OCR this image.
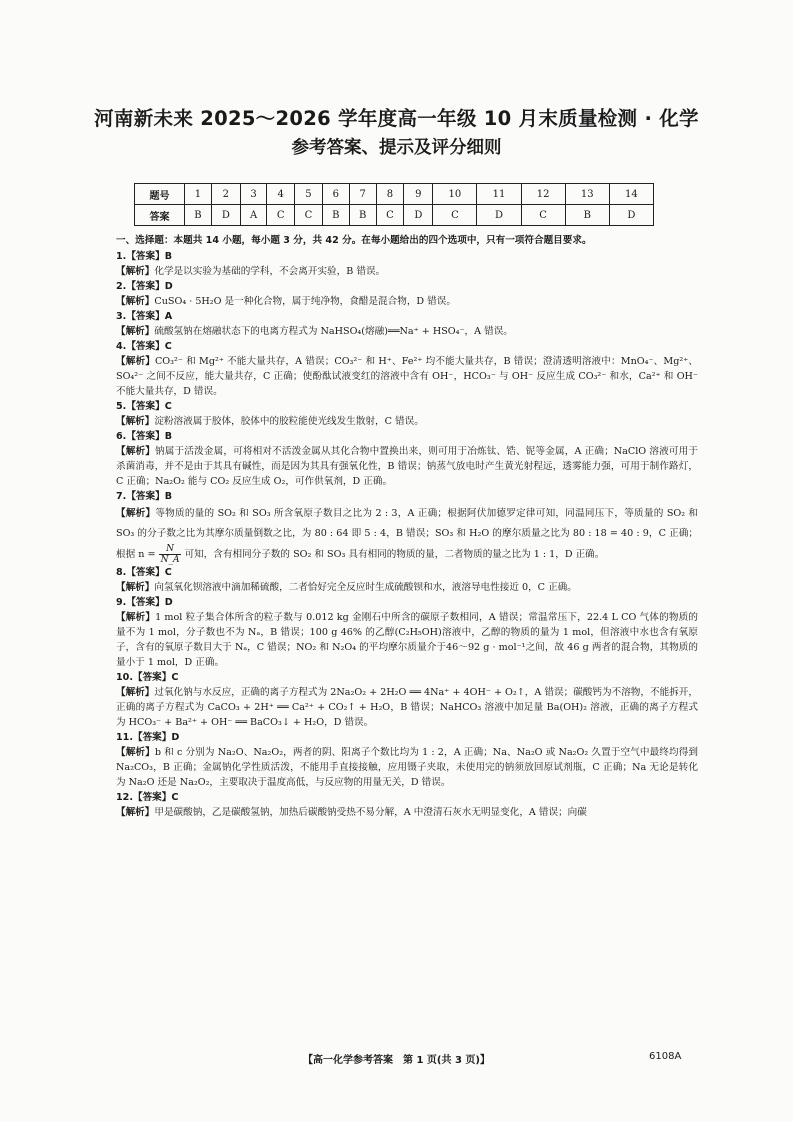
河南新未来 2025～2026 学年度高一年级 10 月末质量检测 · 化学
参考答案、提示及评分细则
题号	1	2	3	4	5	6	7	8	9	10	11	12	13	14
答案	B	D	A	C	C	B	B	C	D	C	D	C	B	D
一、选择题：本题共 14 小题，每小题 3 分，共 42 分。在每小题给出的四个选项中，只有一项符合题目要求。

1.【答案】B

【解析】化学是以实验为基础的学科，不会离开实验，B 错误。

2.【答案】D

【解析】CuSO₄ · 5H₂O 是一种化合物，属于纯净物，食醋是混合物，D 错误。

3.【答案】A

【解析】硫酸氢钠在熔融状态下的电离方程式为 NaHSO₄(熔融)══Na⁺ + HSO₄⁻，A 错误。

4.【答案】C

【解析】CO₃²⁻ 和 Mg²⁺ 不能大量共存，A 错误；CO₃²⁻ 和 H⁺、Fe²⁺ 均不能大量共存，B 错误；澄清透明溶液中：MnO₄⁻、Mg²⁺、SO₄²⁻ 之间不反应，能大量共存，C 正确；使酚酞试液变红的溶液中含有 OH⁻，HCO₃⁻ 与 OH⁻ 反应生成 CO₃²⁻ 和水，Ca²⁺ 和 OH⁻ 不能大量共存，D 错误。

5.【答案】C

【解析】淀粉溶液属于胶体，胶体中的胶粒能使光线发生散射，C 错误。

6.【答案】B

【解析】钠属于活泼金属，可将相对不活泼金属从其化合物中置换出来，则可用于冶炼钛、锆、铌等金属，A 正确；NaClO 溶液可用于杀菌消毒，并不是由于其具有碱性，而是因为其具有强氧化性，B 错误；钠蒸气放电时产生黄光射程远，透雾能力强，可用于制作路灯，C 正确；Na₂O₂ 能与 CO₂ 反应生成 O₂，可作供氧剂，D 正确。

7.【答案】B

【解析】等物质的量的 SO₂ 和 SO₃ 所含氧原子数目之比为 2 : 3，A 正确；根据阿伏加德罗定律可知，同温同压下，等质量的 SO₂ 和 SO₃ 的分子数之比为其摩尔质量倒数之比，为 80 : 64 即 5 : 4，B 错误；SO₃ 和 H₂O 的摩尔质量之比为 80 : 18 = 40 : 9，C 正确；根据 $n = \frac{N}{N\_A}$ 可知，含有相同分子数的 SO₂ 和 SO₃ 具有相同的物质的量，二者物质的量之比为 1 : 1，D 正确。

8.【答案】C

【解析】向氢氧化钡溶液中滴加稀硫酸，二者恰好完全反应时生成硫酸钡和水，液溶导电性接近 0，C 正确。

9.【答案】D

【解析】1 mol 粒子集合体所含的粒子数与 0.012 kg 金刚石中所含的碳原子数相同，A 错误；常温常压下，22.4 L CO 气体的物质的量不为 1 mol，分子数也不为 Nₐ，B 错误；100 g 46% 的乙醇(C₂H₅OH)溶液中，乙醇的物质的量为 1 mol，但溶液中水也含有氧原子，含有的氧原子数目大于 Nₐ，C 错误；NO₂ 和 N₂O₄ 的平均摩尔质量介于46～92 g · mol⁻¹之间，故 46 g 两者的混合物，其物质的量小于 1 mol，D 正确。

10.【答案】C

【解析】过氧化钠与水反应，正确的离子方程式为 2Na₂O₂ + 2H₂O ══ 4Na⁺ + 4OH⁻ + O₂↑，A 错误；碳酸钙为不溶物，不能拆开，正确的离子方程式为 CaCO₃ + 2H⁺ ══ Ca²⁺ + CO₂↑ + H₂O，B 错误；NaHCO₃ 溶液中加足量 Ba(OH)₂ 溶液，正确的离子方程式为 HCO₃⁻ + Ba²⁺ + OH⁻ ══ BaCO₃↓ + H₂O，D 错误。

11.【答案】D

【解析】b 和 c 分别为 Na₂O、Na₂O₂，两者的阴、阳离子个数比均为 1 : 2，A 正确；Na、Na₂O 或 Na₂O₂ 久置于空气中最终均得到 Na₂CO₃，B 正确；金属钠化学性质活泼，不能用手直接接触，应用镊子夹取，未使用完的钠须放回原试剂瓶，C 正确；Na 无论是转化为 Na₂O 还是 Na₂O₂，主要取决于温度高低，与反应物的用量无关，D 错误。

12.【答案】C

【解析】甲是碳酸钠，乙是碳酸氢钠，加热后碳酸钠受热不易分解，A 中澄清石灰水无明显变化，A 错误；向碳

【高一化学参考答案　第 1 页(共 3 页)】	6108A
